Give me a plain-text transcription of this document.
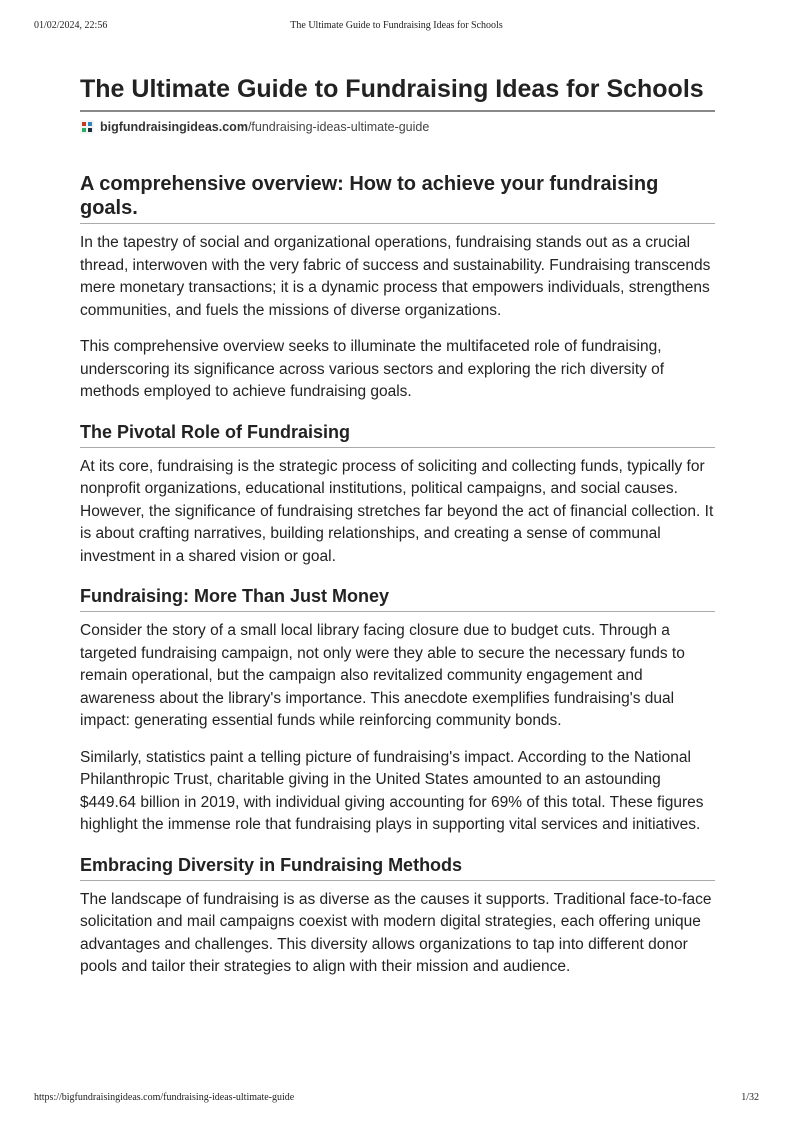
01/02/2024, 22:56	The Ultimate Guide to Fundraising Ideas for Schools
The Ultimate Guide to Fundraising Ideas for Schools
bigfundraisingideas.com /fundraising-ideas-ultimate-guide
A comprehensive overview: How to achieve your fundraising goals.

In the tapestry of social and organizational operations, fundraising stands out as a crucial thread, interwoven with the very fabric of success and sustainability. Fundraising transcends mere monetary transactions; it is a dynamic process that empowers individuals, strengthens communities, and fuels the missions of diverse organizations.

This comprehensive overview seeks to illuminate the multifaceted role of fundraising, underscoring its significance across various sectors and exploring the rich diversity of methods employed to achieve fundraising goals.

The Pivotal Role of Fundraising

At its core, fundraising is the strategic process of soliciting and collecting funds, typically for nonprofit organizations, educational institutions, political campaigns, and social causes. However, the significance of fundraising stretches far beyond the act of financial collection. It is about crafting narratives, building relationships, and creating a sense of communal investment in a shared vision or goal.

Fundraising: More Than Just Money

Consider the story of a small local library facing closure due to budget cuts. Through a targeted fundraising campaign, not only were they able to secure the necessary funds to remain operational, but the campaign also revitalized community engagement and awareness about the library's importance. This anecdote exemplifies fundraising's dual impact: generating essential funds while reinforcing community bonds.

Similarly, statistics paint a telling picture of fundraising's impact. According to the National Philanthropic Trust, charitable giving in the United States amounted to an astounding $449.64 billion in 2019, with individual giving accounting for 69% of this total. These figures highlight the immense role that fundraising plays in supporting vital services and initiatives.

Embracing Diversity in Fundraising Methods

The landscape of fundraising is as diverse as the causes it supports. Traditional face-to-face solicitation and mail campaigns coexist with modern digital strategies, each offering unique advantages and challenges. This diversity allows organizations to tap into different donor pools and tailor their strategies to align with their mission and audience.

https://bigfundraisingideas.com/fundraising-ideas-ultimate-guide	1/32
